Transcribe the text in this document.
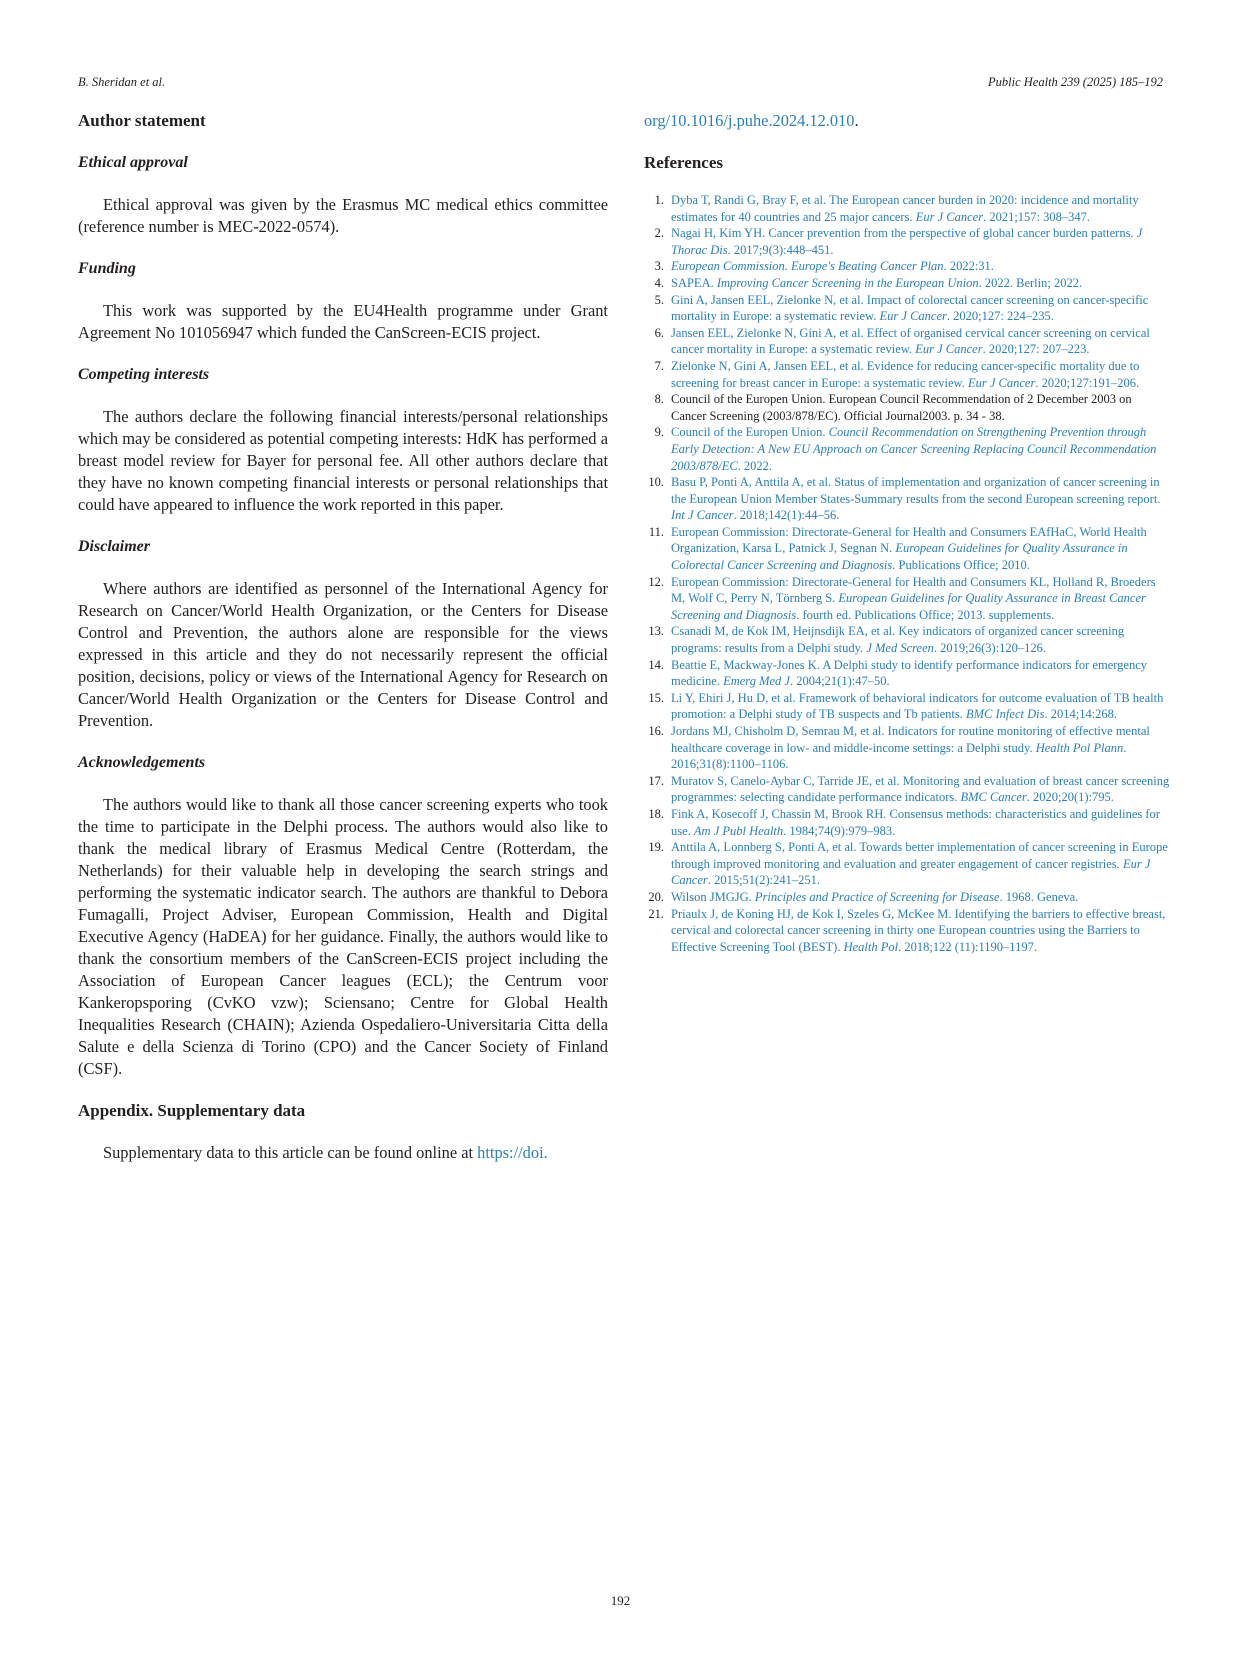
B. Sheridan et al.	Public Health 239 (2025) 185–192
Author statement
Ethical approval

Ethical approval was given by the Erasmus MC medical ethics committee (reference number is MEC-2022-0574).

Funding

This work was supported by the EU4Health programme under Grant Agreement No 101056947 which funded the CanScreen-ECIS project.

Competing interests

The authors declare the following financial interests/personal relationships which may be considered as potential competing interests: HdK has performed a breast model review for Bayer for personal fee. All other authors declare that they have no known competing financial interests or personal relationships that could have appeared to influence the work reported in this paper.

Disclaimer

Where authors are identified as personnel of the International Agency for Research on Cancer/World Health Organization, or the Centers for Disease Control and Prevention, the authors alone are responsible for the views expressed in this article and they do not necessarily represent the official position, decisions, policy or views of the International Agency for Research on Cancer/World Health Organization or the Centers for Disease Control and Prevention.

Acknowledgements

The authors would like to thank all those cancer screening experts who took the time to participate in the Delphi process. The authors would also like to thank the medical library of Erasmus Medical Centre (Rotterdam, the Netherlands) for their valuable help in developing the search strings and performing the systematic indicator search. The authors are thankful to Debora Fumagalli, Project Adviser, European Commission, Health and Digital Executive Agency (HaDEA) for her guidance. Finally, the authors would like to thank the consortium members of the CanScreen-ECIS project including the Association of European Cancer leagues (ECL); the Centrum voor Kankeropsporing (CvKO vzw); Sciensano; Centre for Global Health Inequalities Research (CHAIN); Azienda Ospedaliero-Universitaria Citta della Salute e della Scienza di Torino (CPO) and the Cancer Society of Finland (CSF).

Appendix. Supplementary data

Supplementary data to this article can be found online at https://doi.

org/10.1016/j.puhe.2024.12.010.
References
1. Dyba T, Randi G, Bray F, et al. The European cancer burden in 2020: incidence and mortality estimates for 40 countries and 25 major cancers. Eur J Cancer. 2021;157: 308–347.
2. Nagai H, Kim YH. Cancer prevention from the perspective of global cancer burden patterns. J Thorac Dis. 2017;9(3):448–451.
3. European Commission. Europe's Beating Cancer Plan. 2022:31.
4. SAPEA. Improving Cancer Screening in the European Union. 2022. Berlin; 2022.
5. Gini A, Jansen EEL, Zielonke N, et al. Impact of colorectal cancer screening on cancer-specific mortality in Europe: a systematic review. Eur J Cancer. 2020;127: 224–235.
6. Jansen EEL, Zielonke N, Gini A, et al. Effect of organised cervical cancer screening on cervical cancer mortality in Europe: a systematic review. Eur J Cancer. 2020;127: 207–223.
7. Zielonke N, Gini A, Jansen EEL, et al. Evidence for reducing cancer-specific mortality due to screening for breast cancer in Europe: a systematic review. Eur J Cancer. 2020;127:191–206.
8. Council of the Europen Union. European Council Recommendation of 2 December 2003 on Cancer Screening (2003/878/EC). Official Journal2003. p. 34 - 38.
9. Council of the Europen Union. Council Recommendation on Strengthening Prevention through Early Detection: A New EU Approach on Cancer Screening Replacing Council Recommendation 2003/878/EC. 2022.
10. Basu P, Ponti A, Anttila A, et al. Status of implementation and organization of cancer screening in the European Union Member States-Summary results from the second European screening report. Int J Cancer. 2018;142(1):44–56.
11. European Commission: Directorate-General for Health and Consumers EAfHaC, World Health Organization, Karsa L, Patnick J, Segnan N. European Guidelines for Quality Assurance in Colorectal Cancer Screening and Diagnosis. Publications Office; 2010.
12. European Commission: Directorate-General for Health and Consumers KL, Holland R, Broeders M, Wolf C, Perry N, Törnberg S. European Guidelines for Quality Assurance in Breast Cancer Screening and Diagnosis. fourth ed. Publications Office; 2013. supplements.
13. Csanadi M, de Kok IM, Heijnsdijk EA, et al. Key indicators of organized cancer screening programs: results from a Delphi study. J Med Screen. 2019;26(3):120–126.
14. Beattie E, Mackway-Jones K. A Delphi study to identify performance indicators for emergency medicine. Emerg Med J. 2004;21(1):47–50.
15. Li Y, Ehiri J, Hu D, et al. Framework of behavioral indicators for outcome evaluation of TB health promotion: a Delphi study of TB suspects and Tb patients. BMC Infect Dis. 2014;14:268.
16. Jordans MJ, Chisholm D, Semrau M, et al. Indicators for routine monitoring of effective mental healthcare coverage in low- and middle-income settings: a Delphi study. Health Pol Plann. 2016;31(8):1100–1106.
17. Muratov S, Canelo-Aybar C, Tarride JE, et al. Monitoring and evaluation of breast cancer screening programmes: selecting candidate performance indicators. BMC Cancer. 2020;20(1):795.
18. Fink A, Kosecoff J, Chassin M, Brook RH. Consensus methods: characteristics and guidelines for use. Am J Publ Health. 1984;74(9):979–983.
19. Anttila A, Lonnberg S, Ponti A, et al. Towards better implementation of cancer screening in Europe through improved monitoring and evaluation and greater engagement of cancer registries. Eur J Cancer. 2015;51(2):241–251.
20. Wilson JMGJG. Principles and Practice of Screening for Disease. 1968. Geneva.
21. Priaulx J, de Koning HJ, de Kok I, Szeles G, McKee M. Identifying the barriers to effective breast, cervical and colorectal cancer screening in thirty one European countries using the Barriers to Effective Screening Tool (BEST). Health Pol. 2018;122 (11):1190–1197.
192
